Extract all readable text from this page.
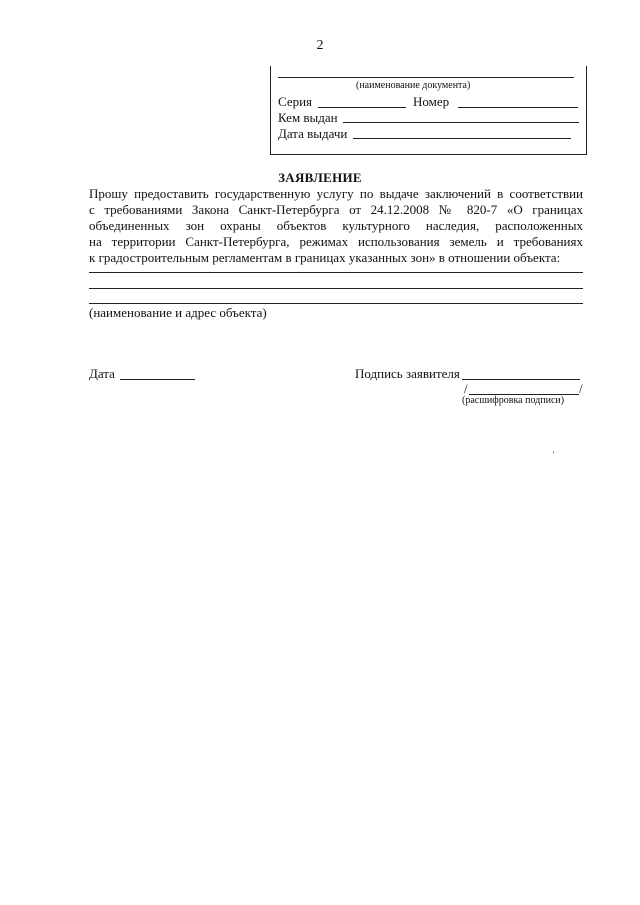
2
(наименование документа)
Серия	Номер
Кем выдан
Дата выдачи
ЗАЯВЛЕНИЕ
Прошу предоставить государственную услугу по выдаче заключений в соответствии
с требованиями Закона Санкт-Петербурга от 24.12.2008 № 820-7 «О границах
объединенных зон охраны объектов культурного наследия, расположенных
на территории Санкт-Петербурга, режимах использования земель и требованиях
к градостроительным регламентам в границах указанных зон» в отношении объекта:
(наименование и адрес объекта)
Дата	Подпись заявителя
/	/
(расшифровка подписи)
